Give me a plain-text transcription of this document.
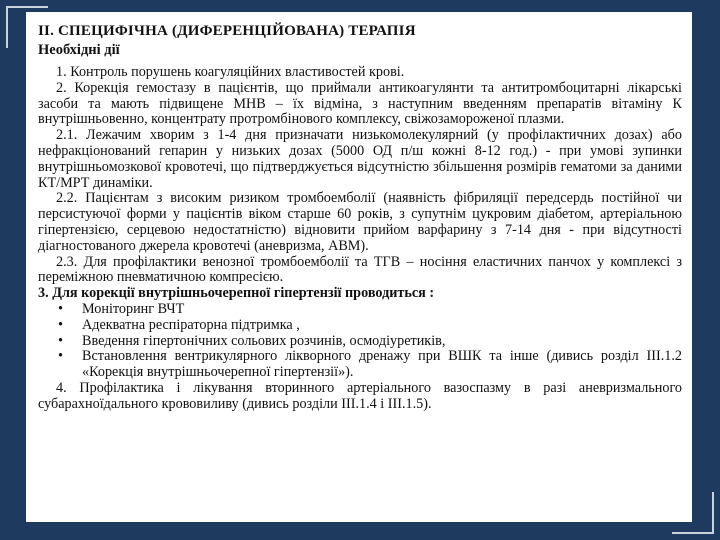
ІІ. СПЕЦИФІЧНА (ДИФЕРЕНЦІЙОВАНА) ТЕРАПІЯ
Необхідні дії

1. Контроль порушень коагуляційних властивостей крові.

2. Корекція гемостазу в пацієнтів, що приймали антикоагулянти та антитромбоцитарні лікарські засоби та мають підвищене МНВ – їх відміна, з наступним введенням препаратів вітаміну К внутрішньовенно, концентрату протромбінового комплексу, свіжозамороженої плазми.

2.1. Лежачим хворим з 1-4 дня призначати низькомолекулярний (у профілактичних дозах) або нефракціонований гепарин у низьких дозах (5000 ОД п/ш кожні 8-12 год.) - при умові зупинки внутрішньомозкової кровотечі, що підтверджується відсутністю збільшення розмірів гематоми за даними КТ/МРТ динаміки.

2.2. Пацієнтам з високим ризиком тромбоемболії (наявність фібриляції передсердь постійної чи персистуючої форми у пацієнтів віком старше 60 років, з супутнім цукровим діабетом, артеріальною гіпертензією, серцевою недостатністю) відновити прийом варфарину з 7-14 дня - при відсутності діагностованого джерела кровотечі (аневризма, АВМ).

2.3. Для профілактики венозної тромбоемболії та ТГВ – носіння еластичних панчох у комплексі з переміжною пневматичною компресією.

3. Для корекції внутрішньочерепної гіпертензії проводиться :

• Моніторинг ВЧТ
• Адекватна респіраторна підтримка ,
• Введення гіпертонічних сольових розчинів, осмодіуретиків,
• Встановлення вентрикулярного лікворного дренажу при ВШК та інше (дивись розділ ІІІ.1.2 «Корекція внутрішньочерепної гіпертензії»).

4. Профілактика і лікування вторинного артеріального вазоспазму в разі аневризмального субарахноїдального крововиливу (дивись розділи ІІІ.1.4 і ІІІ.1.5).
